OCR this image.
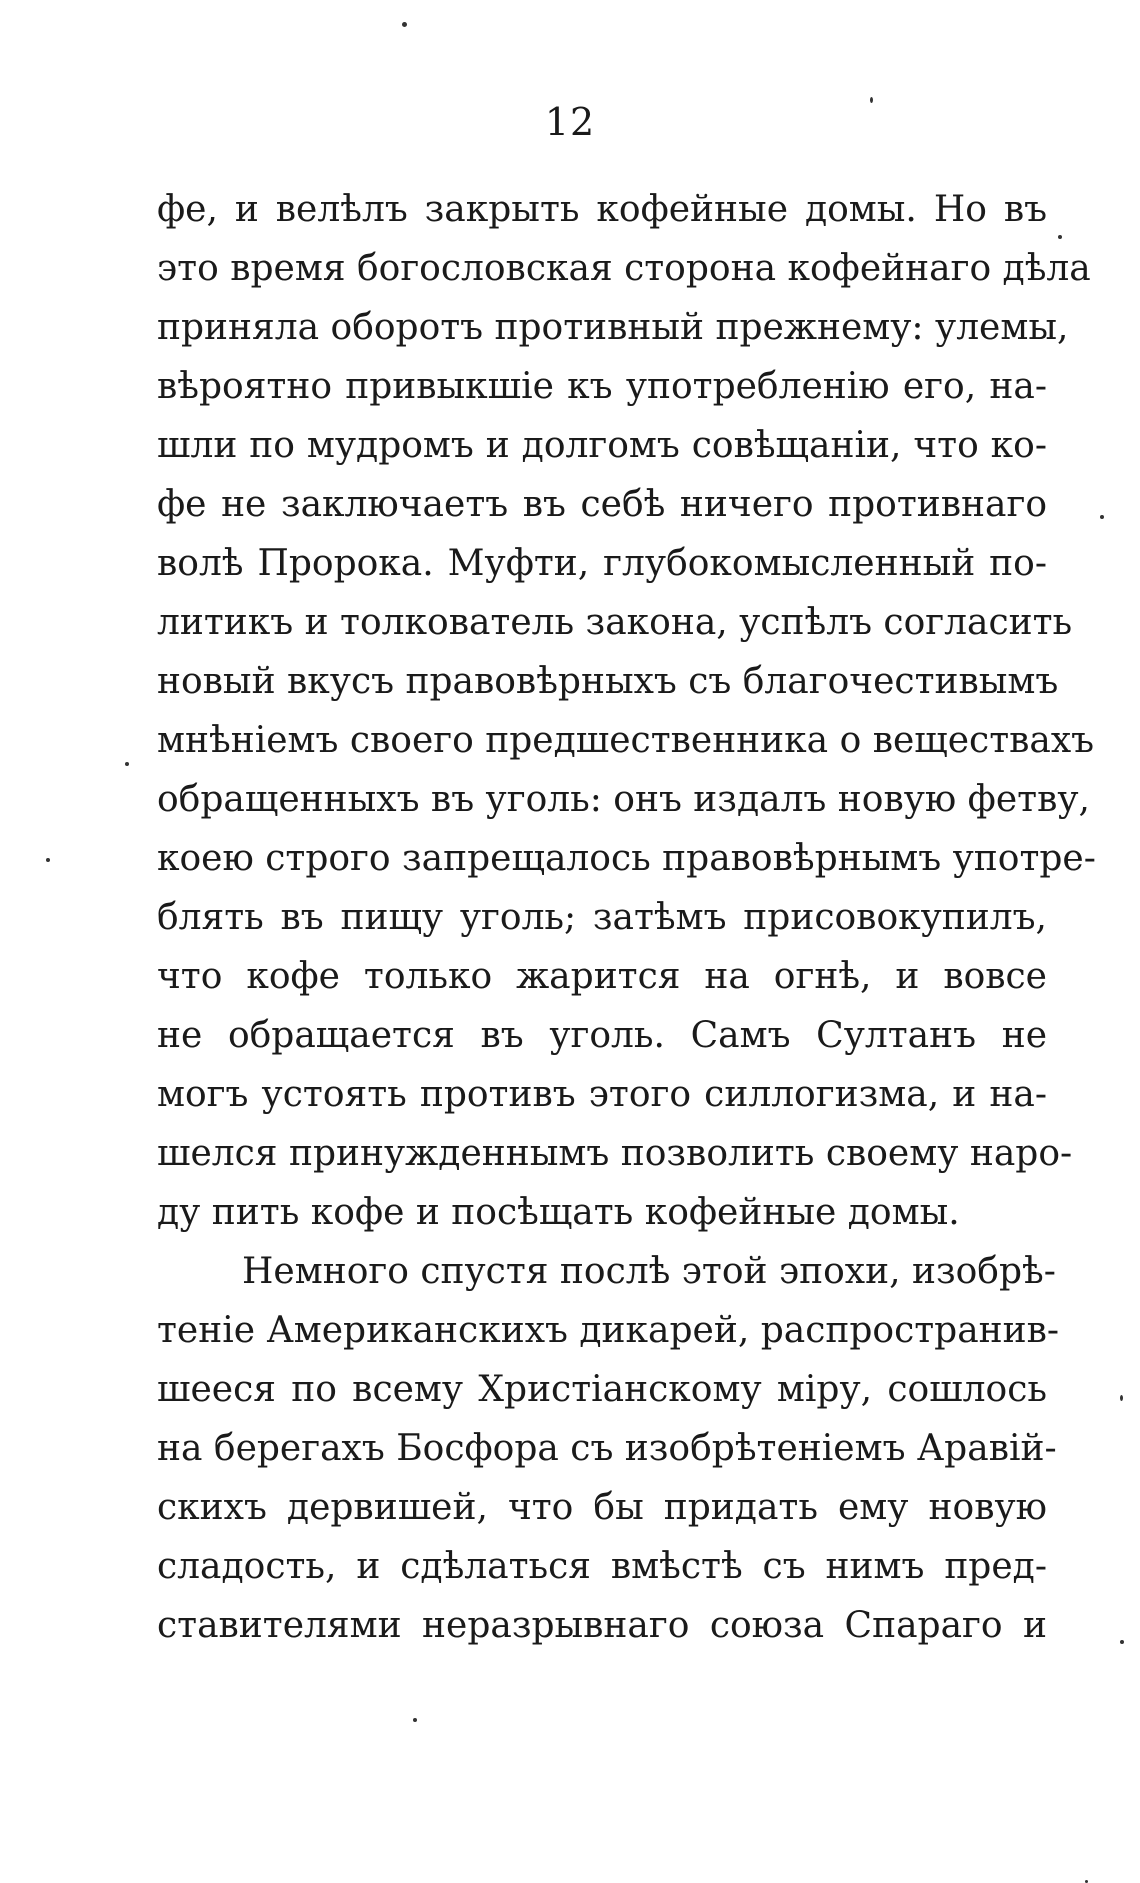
12
фе, и велѣлъ закрыть кофейные домы. Но въ
это время богословская сторона кофейнаго дѣла
приняла оборотъ противный прежнему: улемы,
вѣроятно привыкшіе къ употребленію его, на-
шли по мудромъ и долгомъ совѣщаніи, что ко-
фе не заключаетъ въ себѣ ничего противнаго
волѣ Пророка. Муфти, глубокомысленный по-
литикъ и толкователь закона, успѣлъ согласить
новый вкусъ правовѣрныхъ съ благочестивымъ
мнѣніемъ своего предшественника о веществахъ
обращенныхъ въ уголь: онъ издалъ новую фетву,
коею строго запрещалось правовѣрнымъ употре-
блять въ пищу уголь; затѣмъ присовокупилъ,
что кофе только жарится на огнѣ, и вовсе
не обращается въ уголь. Самъ Султанъ не
могъ устоять противъ этого силлогизма, и на-
шелся принужденнымъ позволить своему наро-
ду пить кофе и посѣщать кофейные домы.
Немного спустя послѣ этой эпохи, изобрѣ-
теніе Американскихъ дикарей, распространив-
шееся по всему Христіанскому міру, сошлось
на берегахъ Босфора съ изобрѣтеніемъ Аравій-
скихъ дервишей, что бы придать ему новую
сладость, и сдѣлаться вмѣстѣ съ нимъ пред-
ставителями неразрывнаго союза Спараго и
